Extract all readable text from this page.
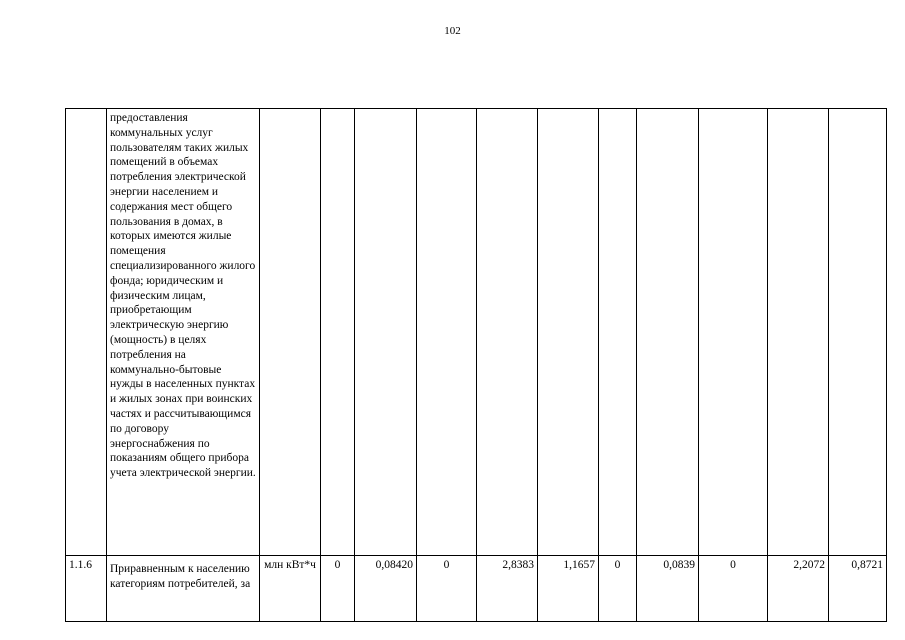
102
	предоставления коммунальных услуг пользователям таких жилых помещений в объемах потребления электрической энергии населением и содержания мест общего пользования в домах, в которых имеются жилые помещения специализированного жилого фонда; юридическим и физическим лицам, приобретающим электрическую энергию (мощность) в целях потребления на коммунально-бытовые нужды в населенных пунктах и жилых зонах при воинских частях и рассчитывающимся по договору энергоснабжения по показаниям общего прибора учета электрической энергии.											
1.1.6	Приравненным к населению категориям потребителей, за	млн кВт*ч	0	0,08420	0	2,8383	1,1657	0	0,0839	0	2,2072	0,8721
